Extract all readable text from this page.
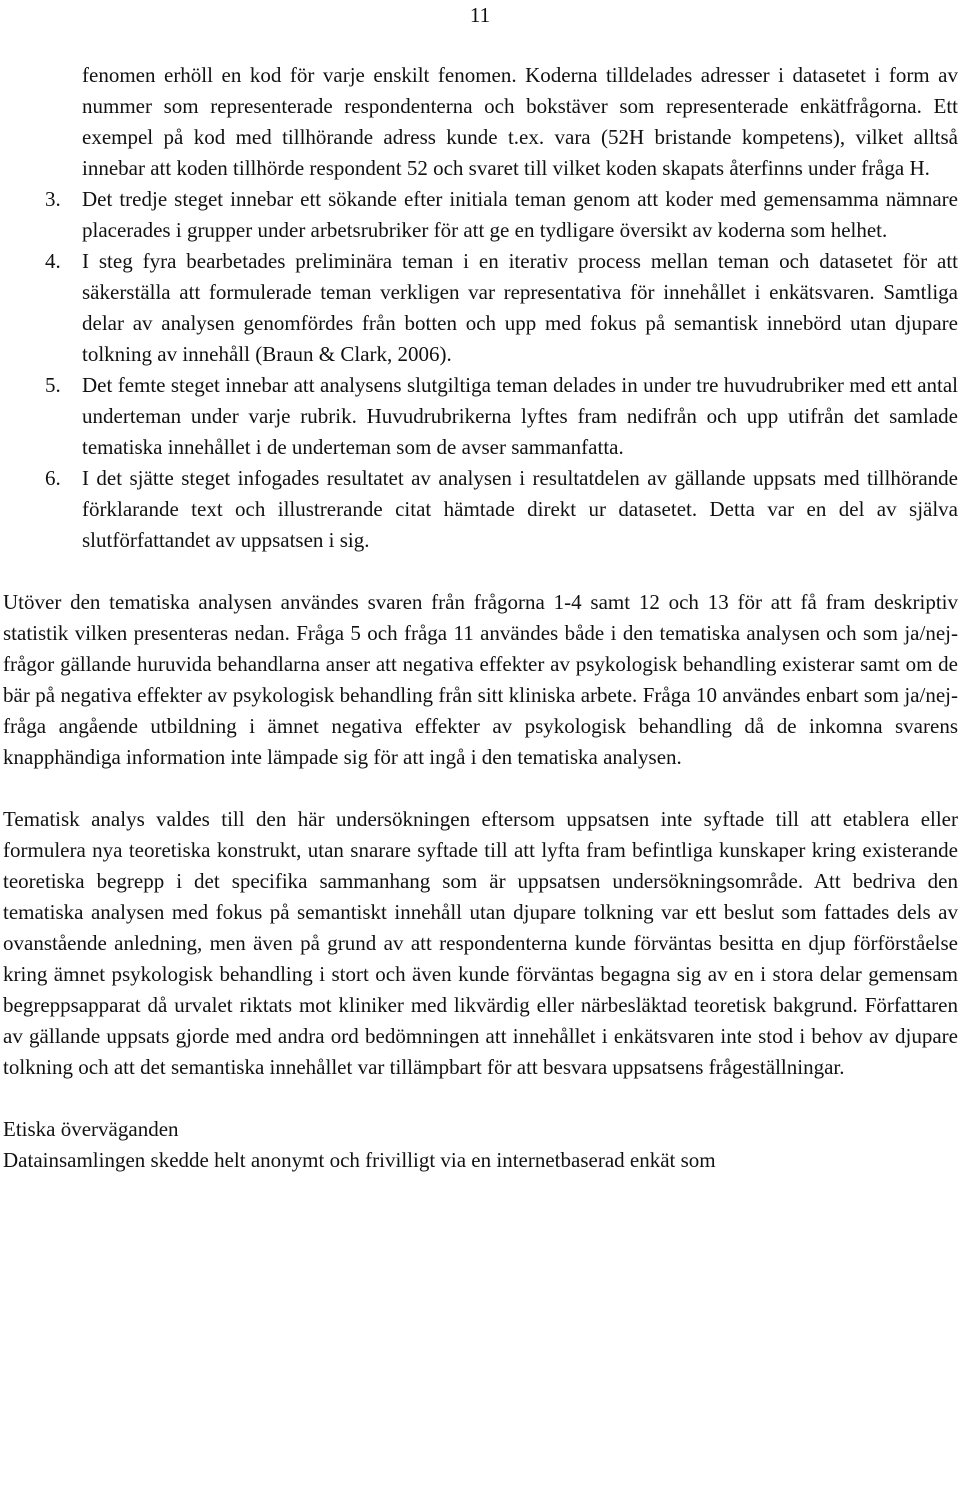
11

fenomen erhöll en kod för varje enskilt fenomen. Koderna tilldelades adresser i datasetet i form av nummer som representerade respondenterna och bokstäver som representerade enkätfrågorna. Ett exempel på kod med tillhörande adress kunde t.ex. vara (52H bristande kompetens), vilket alltså innebar att koden tillhörde respondent 52 och svaret till vilket koden skapats återfinns under fråga H.

3. Det tredje steget innebar ett sökande efter initiala teman genom att koder med gemensamma nämnare placerades i grupper under arbetsrubriker för att ge en tydligare översikt av koderna som helhet.

4. I steg fyra bearbetades preliminära teman i en iterativ process mellan teman och datasetet för att säkerställa att formulerade teman verkligen var representativa för innehållet i enkätsvaren. Samtliga delar av analysen genomfördes från botten och upp med fokus på semantisk innebörd utan djupare tolkning av innehåll (Braun & Clark, 2006).

5. Det femte steget innebar att analysens slutgiltiga teman delades in under tre huvudrubriker med ett antal underteman under varje rubrik. Huvudrubrikerna lyftes fram nedifrån och upp utifrån det samlade tematiska innehållet i de underteman som de avser sammanfatta.

6. I det sjätte steget infogades resultatet av analysen i resultatdelen av gällande uppsats med tillhörande förklarande text och illustrerande citat hämtade direkt ur datasetet. Detta var en del av själva slutförfattandet av uppsatsen i sig.

Utöver den tematiska analysen användes svaren från frågorna 1-4 samt 12 och 13 för att få fram deskriptiv statistik vilken presenteras nedan. Fråga 5 och fråga 11 användes både i den tematiska analysen och som ja/nej-frågor gällande huruvida behandlarna anser att negativa effekter av psykologisk behandling existerar samt om de bär på negativa effekter av psykologisk behandling från sitt kliniska arbete. Fråga 10 användes enbart som ja/nej-fråga angående utbildning i ämnet negativa effekter av psykologisk behandling då de inkomna svarens knapphändiga information inte lämpade sig för att ingå i den tematiska analysen.

Tematisk analys valdes till den här undersökningen eftersom uppsatsen inte syftade till att etablera eller formulera nya teoretiska konstrukt, utan snarare syftade till att lyfta fram befintliga kunskaper kring existerande teoretiska begrepp i det specifika sammanhang som är uppsatsen undersökningsområde. Att bedriva den tematiska analysen med fokus på semantiskt innehåll utan djupare tolkning var ett beslut som fattades dels av ovanstående anledning, men även på grund av att respondenterna kunde förväntas besitta en djup förförståelse kring ämnet psykologisk behandling i stort och även kunde förväntas begagna sig av en i stora delar gemensam begreppsapparat då urvalet riktats mot kliniker med likvärdig eller närbesläktad teoretisk bakgrund. Författaren av gällande uppsats gjorde med andra ord bedömningen att innehållet i enkätsvaren inte stod i behov av djupare tolkning och att det semantiska innehållet var tillämpbart för att besvara uppsatsens frågeställningar.

Etiska överväganden

Datainsamlingen skedde helt anonymt och frivilligt via en internetbaserad enkät som
